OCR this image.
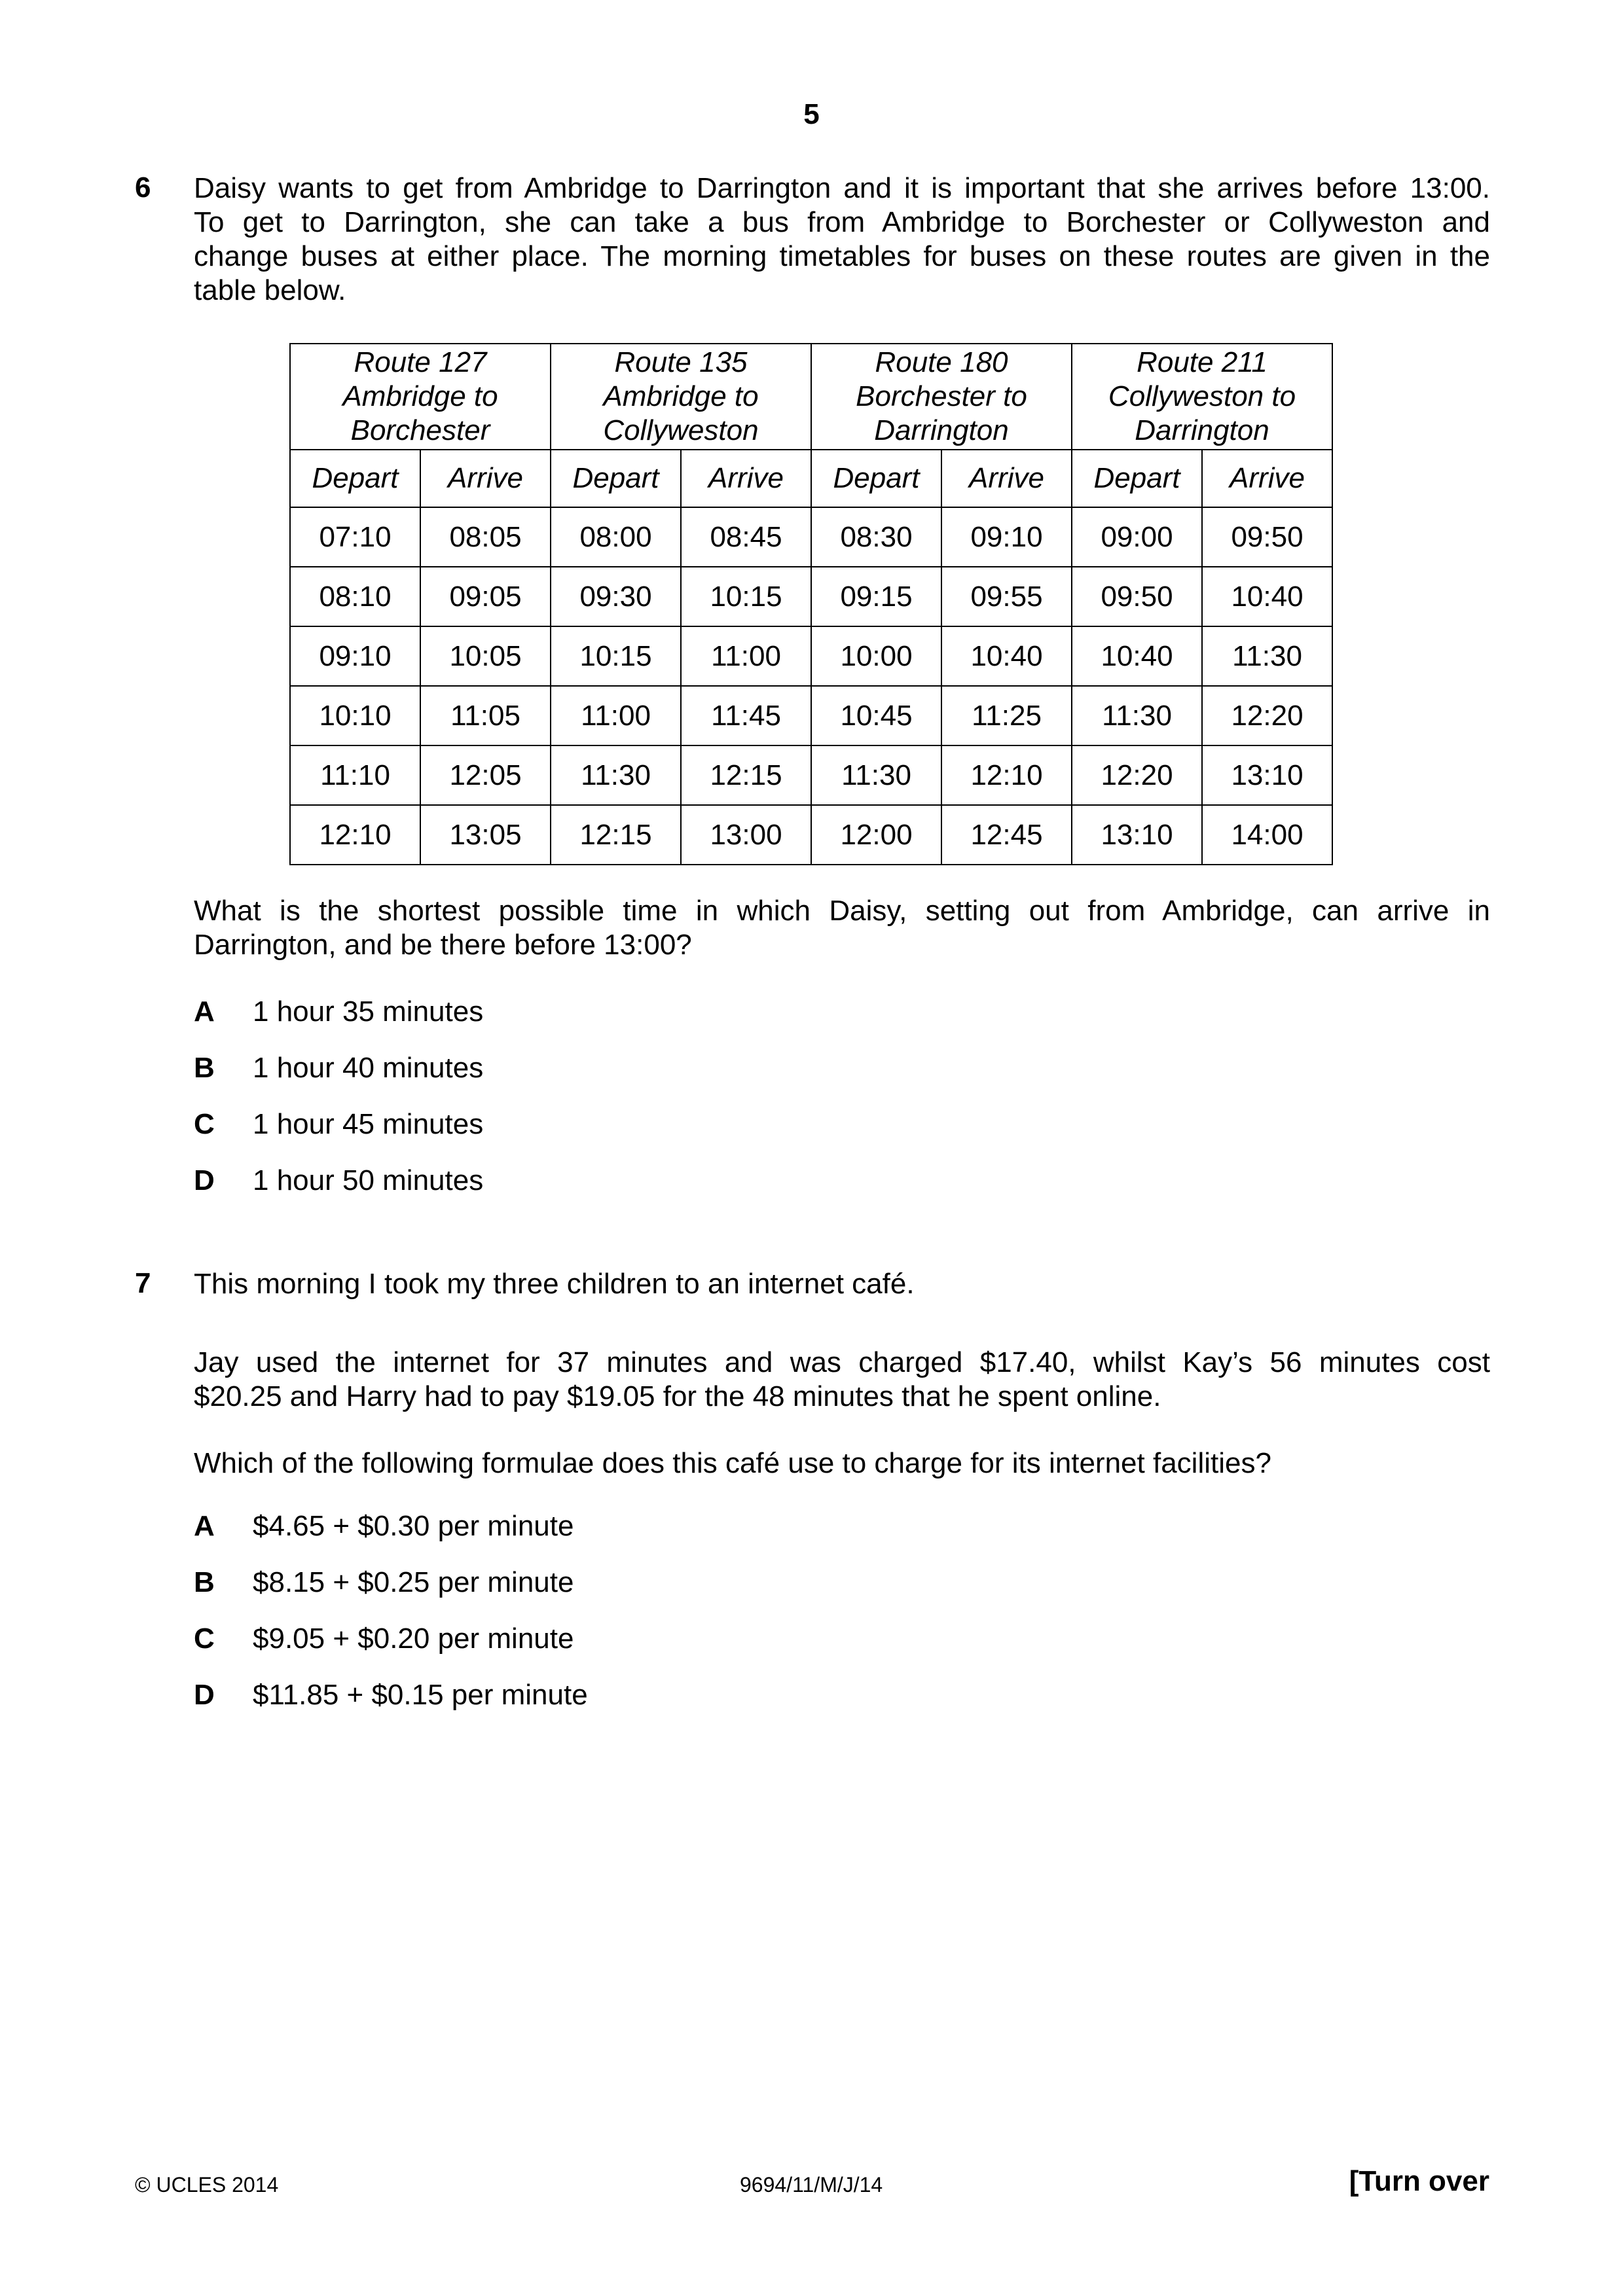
5
6 Daisy wants to get from Ambridge to Darrington and it is important that she arrives before 13:00.
To get to Darrington, she can take a bus from Ambridge to Borchester or Collyweston and
change buses at either place. The morning timetables for buses on these routes are given in the
table below.
Route 127
Ambridge to
Borchester		Route 135
Ambridge to
Collyweston		Route 180
Borchester to
Darrington		Route 211
Collyweston to
Darrington	
Depart	Arrive	Depart	Arrive	Depart	Arrive	Depart	Arrive
07:10	08:05	08:00	08:45	08:30	09:10	09:00	09:50
08:10	09:05	09:30	10:15	09:15	09:55	09:50	10:40
09:10	10:05	10:15	11:00	10:00	10:40	10:40	11:30
10:10	11:05	11:00	11:45	10:45	11:25	11:30	12:20
11:10	12:05	11:30	12:15	11:30	12:10	12:20	13:10
12:10	13:05	12:15	13:00	12:00	12:45	13:10	14:00
What is the shortest possible time in which Daisy, setting out from Ambridge, can arrive in
Darrington, and be there before 13:00?
A 1 hour 35 minutes
B 1 hour 40 minutes
C 1 hour 45 minutes
D 1 hour 50 minutes
7 This morning I took my three children to an internet café.
Jay used the internet for 37 minutes and was charged $17.40, whilst Kay’s 56 minutes cost
$20.25 and Harry had to pay $19.05 for the 48 minutes that he spent online.
Which of the following formulae does this café use to charge for its internet facilities?
A $4.65 + $0.30 per minute
B $8.15 + $0.25 per minute
C $9.05 + $0.20 per minute
D $11.85 + $0.15 per minute
© UCLES 2014	9694/11/M/J/14	[Turn over
